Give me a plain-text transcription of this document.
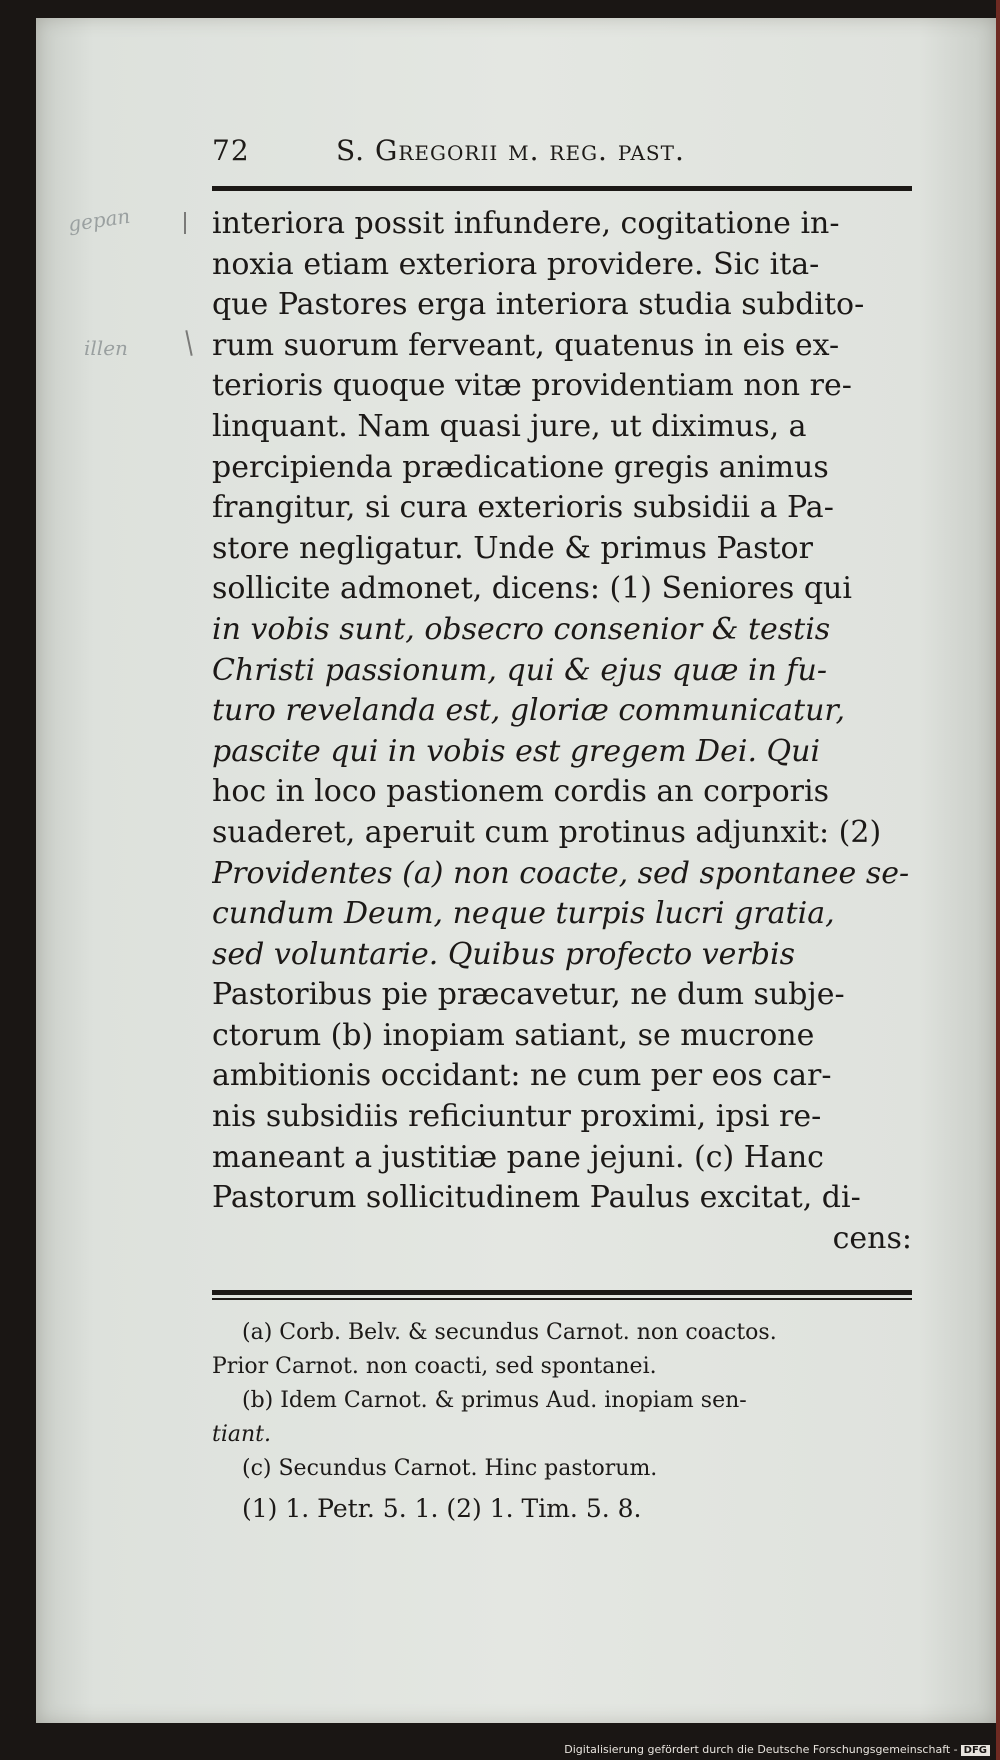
gepan
illen
72	S. Gregorii m. reg. past.
interiora possit infundere, cogitatione in-
noxia etiam exteriora providere. Sic ita-
que Pastores erga interiora studia subdito-
rum suorum ferveant, quatenus in eis ex-
terioris quoque vitæ providentiam non re-
linquant. Nam quasi jure, ut diximus, a
percipienda prædicatione gregis animus
frangitur, si cura exterioris subsidii a Pa-
store negligatur. Unde & primus Pastor
sollicite admonet, dicens: (1) Seniores qui
in vobis sunt, obsecro consenior & testis
Christi passionum, qui & ejus quæ in fu-
turo revelanda est, gloriæ communicatur,
pascite qui in vobis est gregem Dei. Qui
hoc in loco pastionem cordis an corporis
suaderet, aperuit cum protinus adjunxit: (2)
Providentes (a) non coacte, sed spontanee se-
cundum Deum, neque turpis lucri gratia,
sed voluntarie. Quibus profecto verbis
Pastoribus pie præcavetur, ne dum subje-
ctorum (b) inopiam satiant, se mucrone
ambitionis occidant: ne cum per eos car-
nis subsidiis reficiuntur proximi, ipsi re-
maneant a justitiæ pane jejuni. (c) Hanc
Pastorum sollicitudinem Paulus excitat, di-
cens:
(a) Corb. Belv. & secundus Carnot. non coactos.
Prior Carnot. non coacti, sed spontanei.
(b) Idem Carnot. & primus Aud. inopiam sen-
tiant.
(c) Secundus Carnot. Hinc pastorum.
(1) 1. Petr. 5. 1. (2) 1. Tim. 5. 8.
Digitalisierung gefördert durch die Deutsche Forschungsgemeinschaft - DFG
